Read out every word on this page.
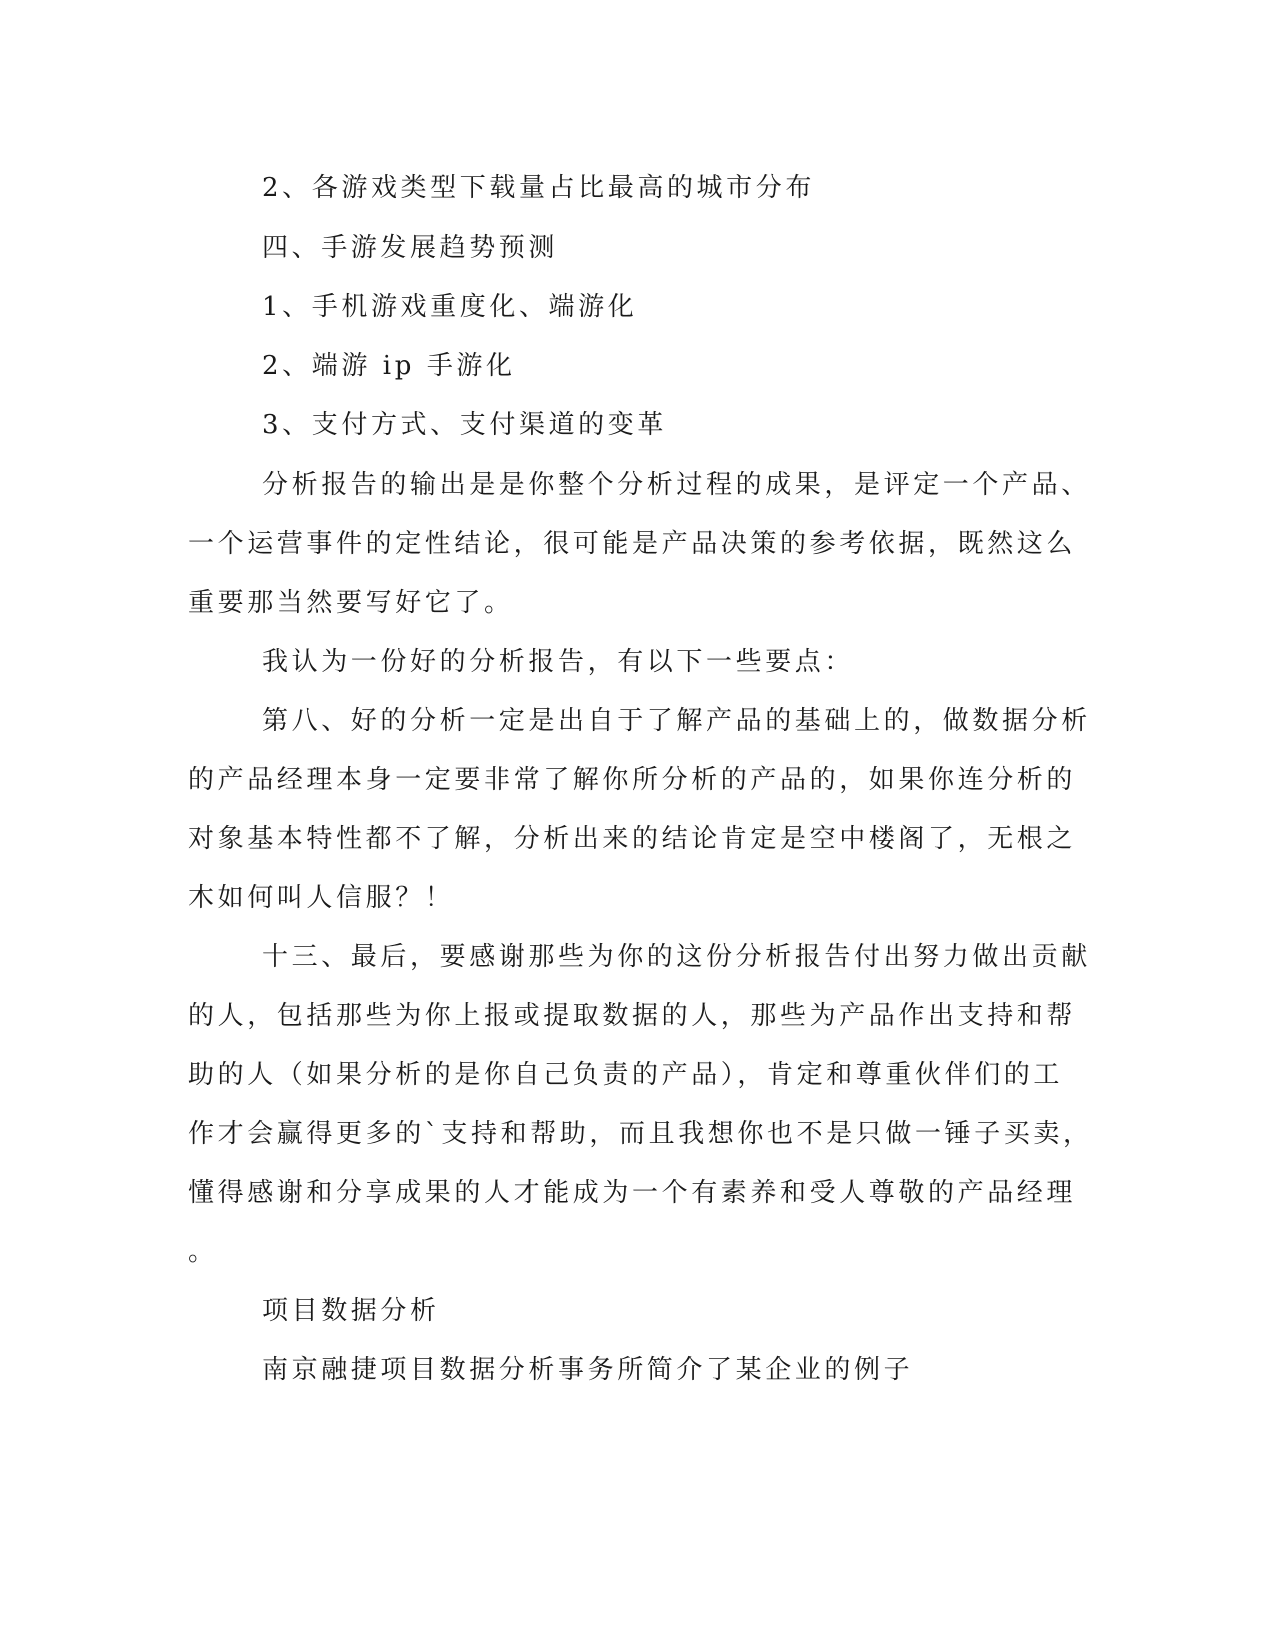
2、各游戏类型下载量占比最高的城市分布
四、手游发展趋势预测
1、手机游戏重度化、端游化
2、端游 ip 手游化
3、支付方式、支付渠道的变革
分析报告的输出是是你整个分析过程的成果，是评定一个产品、
一个运营事件的定性结论，很可能是产品决策的参考依据，既然这么
重要那当然要写好它了。
我认为一份好的分析报告，有以下一些要点：
第八、好的分析一定是出自于了解产品的基础上的，做数据分析
的产品经理本身一定要非常了解你所分析的产品的，如果你连分析的
对象基本特性都不了解，分析出来的结论肯定是空中楼阁了，无根之
木如何叫人信服？！
十三、最后，要感谢那些为你的这份分析报告付出努力做出贡献
的人，包括那些为你上报或提取数据的人，那些为产品作出支持和帮
助的人（如果分析的是你自己负责的产品），肯定和尊重伙伴们的工
作才会赢得更多的`支持和帮助，而且我想你也不是只做一锤子买卖，
懂得感谢和分享成果的人才能成为一个有素养和受人尊敬的产品经理
。
项目数据分析
南京融捷项目数据分析事务所简介了某企业的例子
